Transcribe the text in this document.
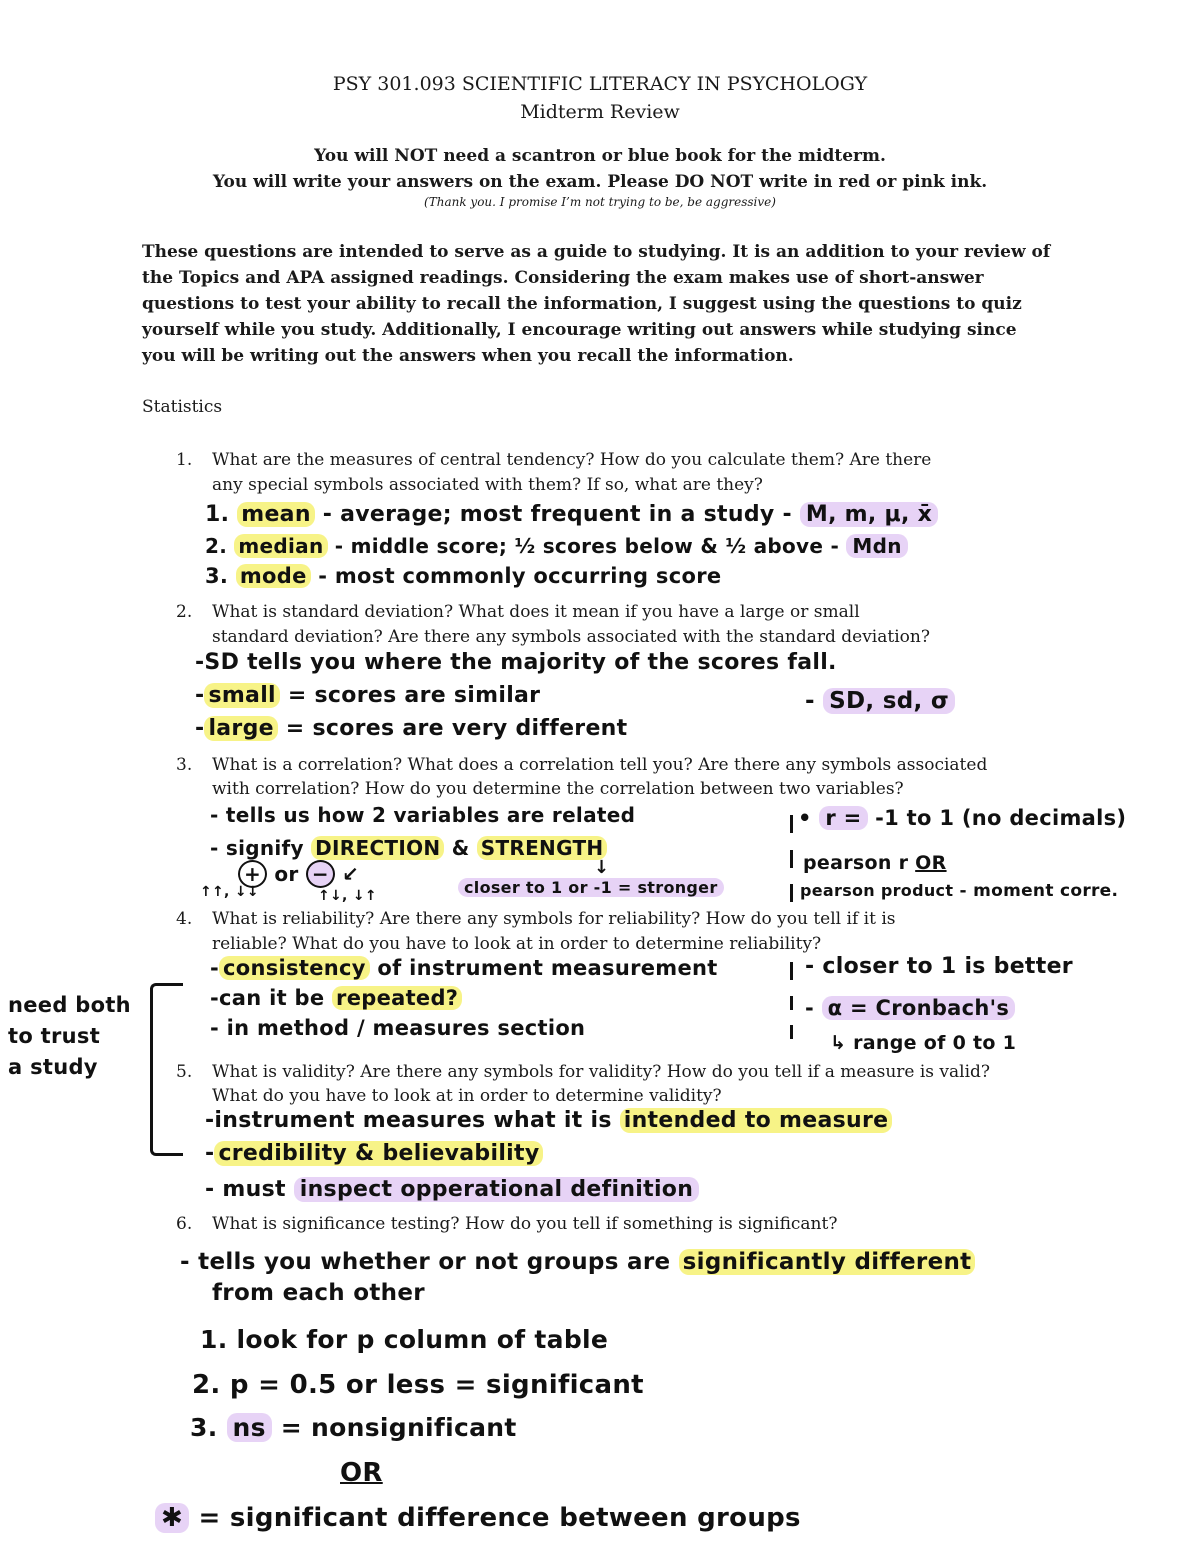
PSY 301.093 SCIENTIFIC LITERACY IN PSYCHOLOGY
Midterm Review
You will NOT need a scantron or blue book for the midterm.
You will write your answers on the exam. Please DO NOT write in red or pink ink.
(Thank you. I promise I’m not trying to be, be aggressive)
These questions are intended to serve as a guide to studying. It is an addition to your review of
the Topics and APA assigned readings. Considering the exam makes use of short-answer
questions to test your ability to recall the information, I suggest using the questions to quiz
yourself while you study. Additionally, I encourage writing out answers while studying since
you will be writing out the answers when you recall the information.
Statistics
1. What are the measures of central tendency? How do you calculate them? Are there
any special symbols associated with them? If so, what are they?
1. mean - average; most frequent in a study - M, m, μ, x̄
2. median - middle score; ½ scores below & ½ above - Mdn
3. mode - most commonly occurring score
2. What is standard deviation? What does it mean if you have a large or small
standard deviation? Are there any symbols associated with the standard deviation?
-SD tells you where the majority of the scores fall.
- small = scores are similar	- SD, sd, σ
- large = scores are very different
3. What is a correlation? What does a correlation tell you? Are there any symbols associated
with correlation? How do you determine the correlation between two variables?
- tells us how 2 variables are related
- signify DIRECTION & STRENGTH
↓
+ or − ↙
↑↑, ↓↓	↑↓, ↓↑	closer to 1 or -1 = stronger
• r = -1 to 1 (no decimals)
pearson r OR
pearson product - moment corre.
4. What is reliability? Are there any symbols for reliability? How do you tell if it is
reliable? What do you have to look at in order to determine reliability?
- consistency of instrument measurement
-can it be repeated?
- in method / measures section
- closer to 1 is better
- α = Cronbach's
↳ range of 0 to 1
need both
to trust
a study	5. What is validity? Are there any symbols for validity? How do you tell if a measure is valid?
What do you have to look at in order to determine validity?
-instrument measures what it is intended to measure
- credibility & believability
- must inspect opperational definition
6. What is significance testing? How do you tell if something is significant?
- tells you whether or not groups are significantly different
from each other
1. look for p column of table
2. p = 0.5 or less = significant
3. ns = nonsignificant
OR
✱ = significant difference between groups
